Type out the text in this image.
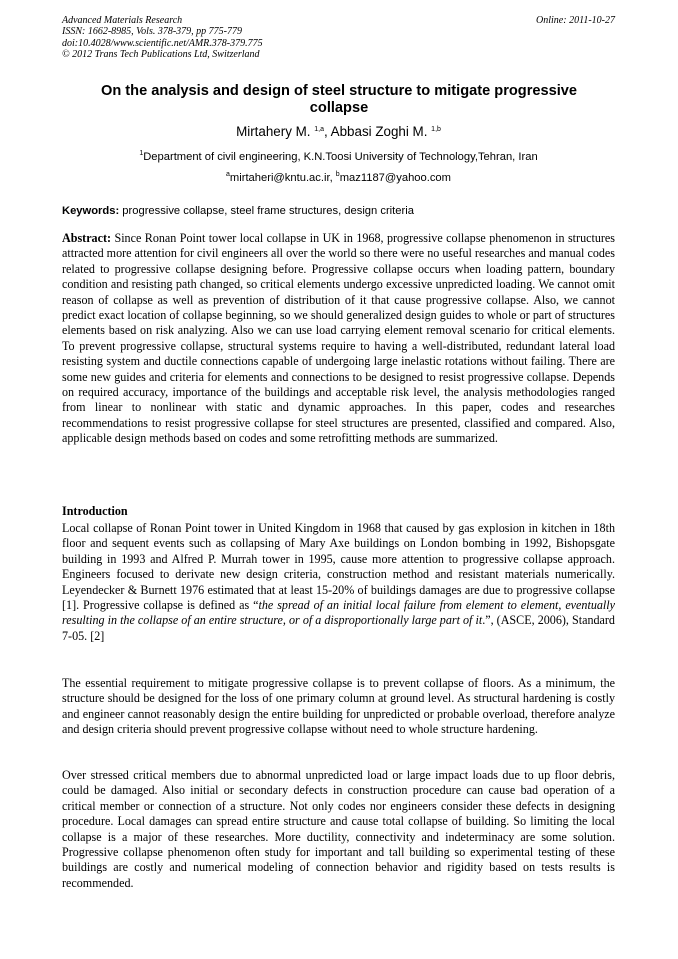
Advanced Materials Research
ISSN: 1662-8985, Vols. 378-379, pp 775-779
doi:10.4028/www.scientific.net/AMR.378-379.775
© 2012 Trans Tech Publications Ltd, Switzerland
Online: 2011-10-27
On the analysis and design of steel structure to mitigate progressive collapse
Mirtahery M. $^{1,a}$, Abbasi Zoghi M. $^{1,b}$
$^1$Department of civil engineering, K.N.Toosi University of Technology,Tehran, Iran
$^a$mirtaheri@kntu.ac.ir, $^b$maz1187@yahoo.com
Keywords: progressive collapse, steel frame structures, design criteria
Abstract: Since Ronan Point tower local collapse in UK in 1968, progressive collapse phenomenon in structures attracted more attention for civil engineers all over the world so there were no useful researches and manual codes related to progressive collapse designing before. Progressive collapse occurs when loading pattern, boundary condition and resisting path changed, so critical elements undergo excessive unpredicted loading. We cannot omit reason of collapse as well as prevention of distribution of it that cause progressive collapse. Also, we cannot predict exact location of collapse beginning, so we should generalized design guides to whole or part of structures elements based on risk analyzing. Also we can use load carrying element removal scenario for critical elements. To prevent progressive collapse, structural systems require to having a well-distributed, redundant lateral load resisting system and ductile connections capable of undergoing large inelastic rotations without failing. There are some new guides and criteria for elements and connections to be designed to resist progressive collapse. Depends on required accuracy, importance of the buildings and acceptable risk level, the analysis methodologies ranged from linear to nonlinear with static and dynamic approaches. In this paper, codes and researches recommendations to resist progressive collapse for steel structures are presented, classified and compared. Also, applicable design methods based on codes and some retrofitting methods are summarized.
Introduction
Local collapse of Ronan Point tower in United Kingdom in 1968 that caused by gas explosion in kitchen in 18th floor and sequent events such as collapsing of Mary Axe buildings on London bombing in 1992, Bishopsgate building in 1993 and Alfred P. Murrah tower in 1995, cause more attention to progressive collapse approach. Engineers focused to derivate new design criteria, construction method and resistant materials numerically. Leyendecker & Burnett 1976 estimated that at least 15-20% of buildings damages are due to progressive collapse [1]. Progressive collapse is defined as “the spread of an initial local failure from element to element, eventually resulting in the collapse of an entire structure, or of a disproportionally large part of it.”, (ASCE, 2006), Standard 7-05. [2]
The essential requirement to mitigate progressive collapse is to prevent collapse of floors. As a minimum, the structure should be designed for the loss of one primary column at ground level. As structural hardening is costly and engineer cannot reasonably design the entire building for unpredicted or probable overload, therefore analyze and design criteria should prevent progressive collapse without need to whole structure hardening.
Over stressed critical members due to abnormal unpredicted load or large impact loads due to up floor debris, could be damaged. Also initial or secondary defects in construction procedure can cause bad operation of a critical member or connection of a structure. Not only codes nor engineers consider these defects in designing procedure. Local damages can spread entire structure and cause total collapse of building. So limiting the local collapse is a major of these researches. More ductility, connectivity and indeterminacy are some solution. Progressive collapse phenomenon often study for important and tall building so experimental testing of these buildings are costly and numerical modeling of connection behavior and rigidity based on tests results is recommended.
